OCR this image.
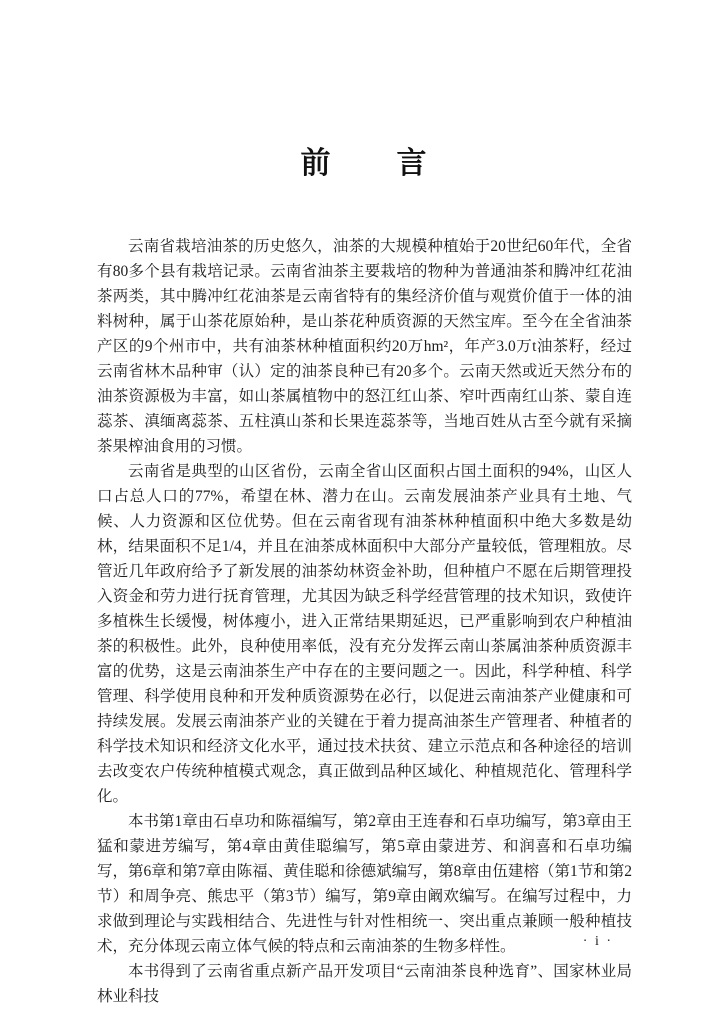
前　　言

云南省栽培油茶的历史悠久，油茶的大规模种植始于20世纪60年代，全省有80多个县有栽培记录。云南省油茶主要栽培的物种为普通油茶和腾冲红花油茶两类，其中腾冲红花油茶是云南省特有的集经济价值与观赏价值于一体的油料树种，属于山茶花原始种，是山茶花种质资源的天然宝库。至今在全省油茶产区的9个州市中，共有油茶林种植面积约20万hm²，年产3.0万t油茶籽，经过云南省林木品种审（认）定的油茶良种已有20多个。云南天然或近天然分布的油茶资源极为丰富，如山茶属植物中的怒江红山茶、窄叶西南红山茶、蒙自连蕊茶、滇缅离蕊茶、五柱滇山茶和长果连蕊茶等，当地百姓从古至今就有采摘茶果榨油食用的习惯。

云南省是典型的山区省份，云南全省山区面积占国土面积的94%，山区人口占总人口的77%，希望在林、潜力在山。云南发展油茶产业具有土地、气候、人力资源和区位优势。但在云南省现有油茶林种植面积中绝大多数是幼林，结果面积不足1/4，并且在油茶成林面积中大部分产量较低，管理粗放。尽管近几年政府给予了新发展的油茶幼林资金补助，但种植户不愿在后期管理投入资金和劳力进行抚育管理，尤其因为缺乏科学经营管理的技术知识，致使许多植株生长缓慢，树体瘦小，进入正常结果期延迟，已严重影响到农户种植油茶的积极性。此外，良种使用率低，没有充分发挥云南山茶属油茶种质资源丰富的优势，这是云南油茶生产中存在的主要问题之一。因此，科学种植、科学管理、科学使用良种和开发种质资源势在必行，以促进云南油茶产业健康和可持续发展。发展云南油茶产业的关键在于着力提高油茶生产管理者、种植者的科学技术知识和经济文化水平，通过技术扶贫、建立示范点和各种途径的培训去改变农户传统种植模式观念，真正做到品种区域化、种植规范化、管理科学化。

本书第1章由石卓功和陈福编写，第2章由王连春和石卓功编写，第3章由王猛和蒙进芳编写，第4章由黄佳聪编写，第5章由蒙进芳、和润喜和石卓功编写，第6章和第7章由陈福、黄佳聪和徐德斌编写，第8章由伍建榕（第1节和第2节）和周争亮、熊忠平（第3节）编写，第9章由阚欢编写。在编写过程中，力求做到理论与实践相结合、先进性与针对性相统一、突出重点兼顾一般种植技术，充分体现云南立体气候的特点和云南油茶的生物多样性。

本书得到了云南省重点新产品开发项目“云南油茶良种选育”、国家林业局林业科技

· i ·
